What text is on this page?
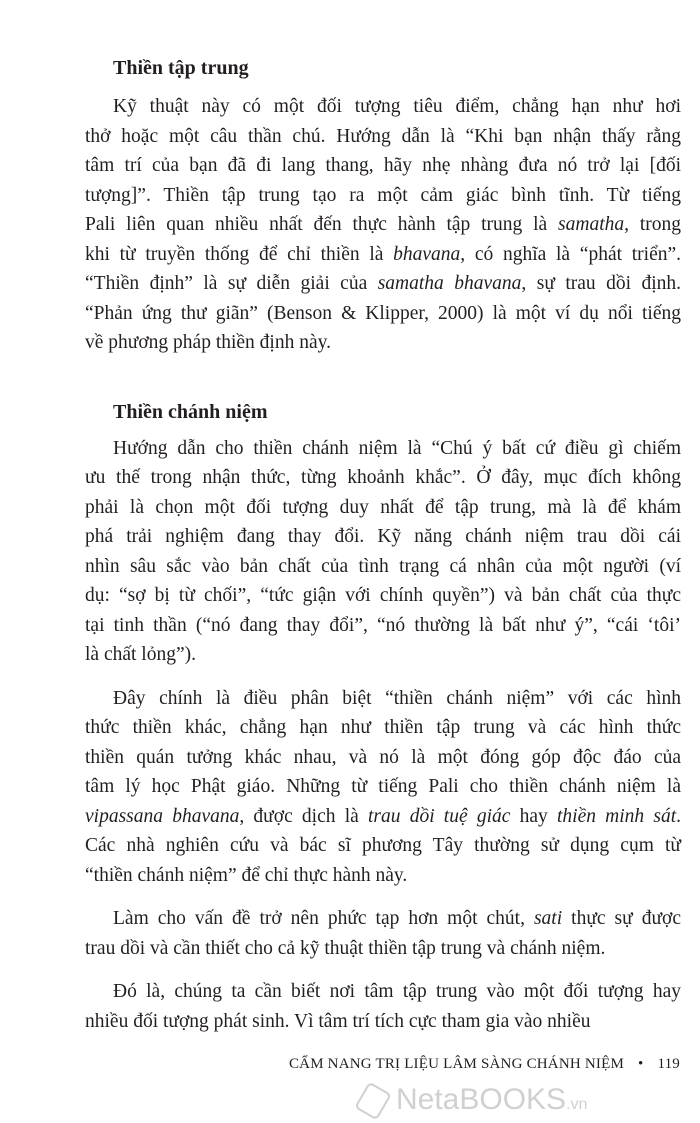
Thiền tập trung
Kỹ thuật này có một đối tượng tiêu điểm, chẳng hạn như hơi
thở hoặc một câu thần chú. Hướng dẫn là “Khi bạn nhận thấy rằng
tâm trí của bạn đã đi lang thang, hãy nhẹ nhàng đưa nó trở lại [đối
tượng]”. Thiền tập trung tạo ra một cảm giác bình tĩnh. Từ tiếng
Pali liên quan nhiều nhất đến thực hành tập trung là samatha, trong
khi từ truyền thống để chỉ thiền là bhavana, có nghĩa là “phát triển”.
“Thiền định” là sự diễn giải của samatha bhavana, sự trau dồi định.
“Phản ứng thư giãn” (Benson & Klipper, 2000) là một ví dụ nổi tiếng
về phương pháp thiền định này.
Thiền chánh niệm
Hướng dẫn cho thiền chánh niệm là “Chú ý bất cứ điều gì chiếm
ưu thế trong nhận thức, từng khoảnh khắc”. Ở đây, mục đích không
phải là chọn một đối tượng duy nhất để tập trung, mà là để khám
phá trải nghiệm đang thay đổi. Kỹ năng chánh niệm trau dồi cái
nhìn sâu sắc vào bản chất của tình trạng cá nhân của một người (ví
dụ: “sợ bị từ chối”, “tức giận với chính quyền”) và bản chất của thực
tại tinh thần (“nó đang thay đổi”, “nó thường là bất như ý”, “cái ‘tôi’
là chất lỏng”).
Đây chính là điều phân biệt “thiền chánh niệm” với các hình
thức thiền khác, chẳng hạn như thiền tập trung và các hình thức
thiền quán tưởng khác nhau, và nó là một đóng góp độc đáo của
tâm lý học Phật giáo. Những từ tiếng Pali cho thiền chánh niệm là
vipassana bhavana, được dịch là trau dồi tuệ giác hay thiền minh sát.
Các nhà nghiên cứu và bác sĩ phương Tây thường sử dụng cụm từ
“thiền chánh niệm” để chỉ thực hành này.
Làm cho vấn đề trở nên phức tạp hơn một chút, sati thực sự được
trau dồi và cần thiết cho cả kỹ thuật thiền tập trung và chánh niệm.
Đó là, chúng ta cần biết nơi tâm tập trung vào một đối tượng hay
nhiều đối tượng phát sinh. Vì tâm trí tích cực tham gia vào nhiều
CẨM NANG TRỊ LIỆU LÂM SÀNG CHÁNH NIỆM • 119
NetaBOOKS.vn
